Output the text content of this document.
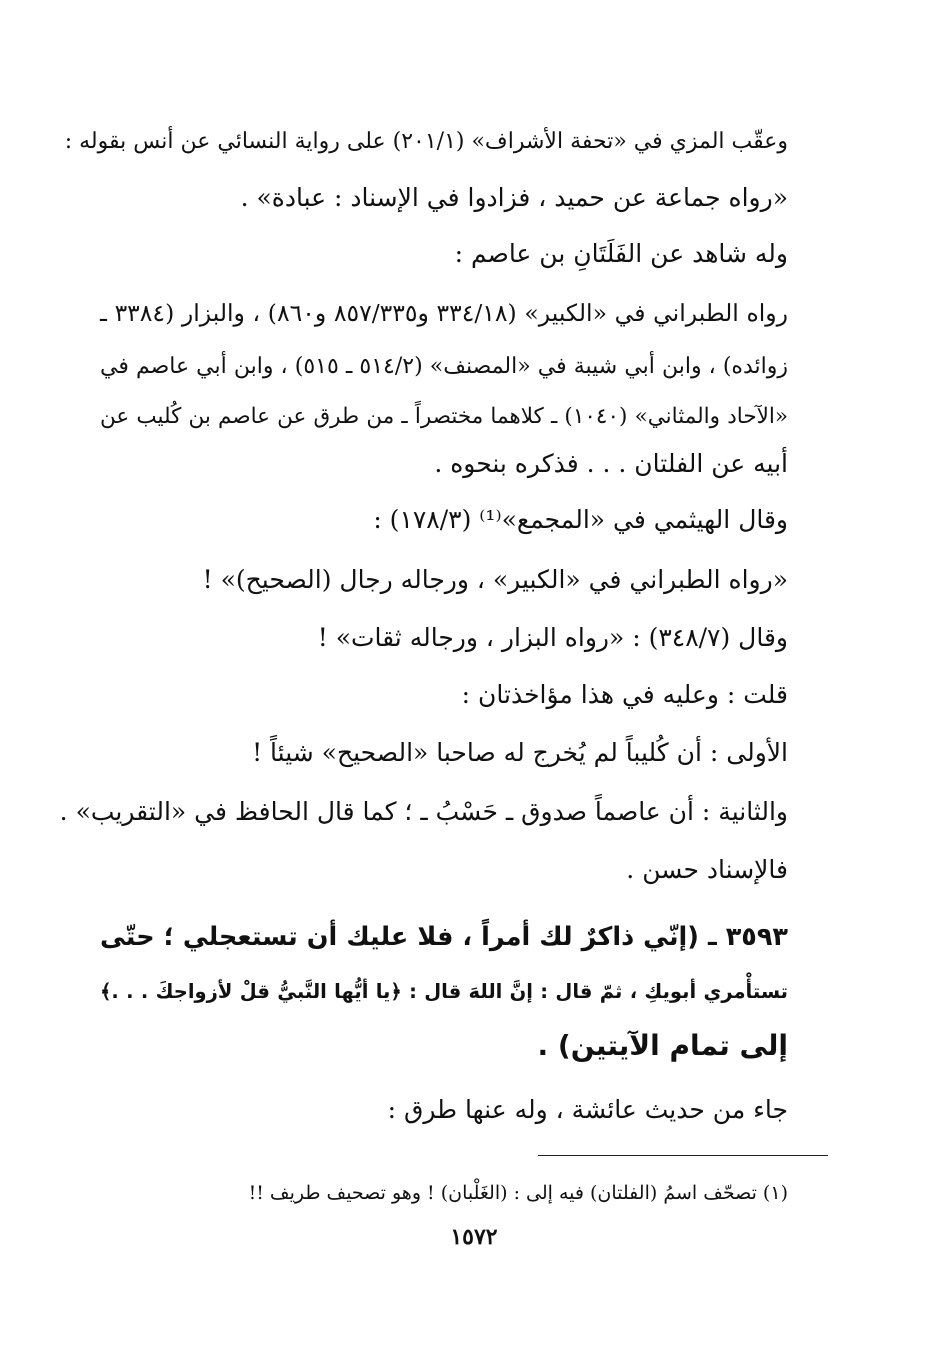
وعقّب المزي في «تحفة الأشراف» (٢٠١/١) على رواية النسائي عن أنس بقوله :
«رواه جماعة عن حميد ، فزادوا في الإسناد : عبادة» .
وله شاهد عن الفَلَتَانِ بن عاصم :
رواه الطبراني في «الكبير» (٣٣٤/١٨ و٨٥٧/٣٣٥ و٨٦٠) ، والبزار (٣٣٨٤ ـ
زوائده) ، وابن أبي شيبة في «المصنف» (٥١٤/٢ ـ ٥١٥) ، وابن أبي عاصم في
«الآحاد والمثاني» (١٠٤٠) ـ كلاهما مختصراً ـ من طرق عن عاصم بن كُليب عن
أبيه عن الفلتان . . . فذكره بنحوه .
وقال الهيثمي في «المجمع»⁽¹⁾ (١٧٨/٣) :
«رواه الطبراني في «الكبير» ، ورجاله رجال (الصحيح)» !
وقال (٣٤٨/٧) : «رواه البزار ، ورجاله ثقات» !
قلت : وعليه في هذا مؤاخذتان :
الأولى : أن كُليباً لم يُخرج له صاحبا «الصحيح» شيئاً !
والثانية : أن عاصماً صدوق ـ حَسْبُ ـ ؛ كما قال الحافظ في «التقريب» .
فالإسناد حسن .
٣٥٩٣ ـ (إنّي ذاكرٌ لك أمراً ، فلا عليك أن تستعجلي ؛ حتّى
تستأْمري أبويكِ ، ثمّ قال : إنَّ اللهَ قال : ﴿يا أيُّها النَّبيُّ قلْ لأزواجكَ . . .﴾
إلى تمام الآيتين) .
جاء من حديث عائشة ، وله عنها طرق :
(١) تصحّف اسمُ (الفلتان) فيه إلى : (الغَلْبان) ! وهو تصحيف طريف !!
١٥٧٢
